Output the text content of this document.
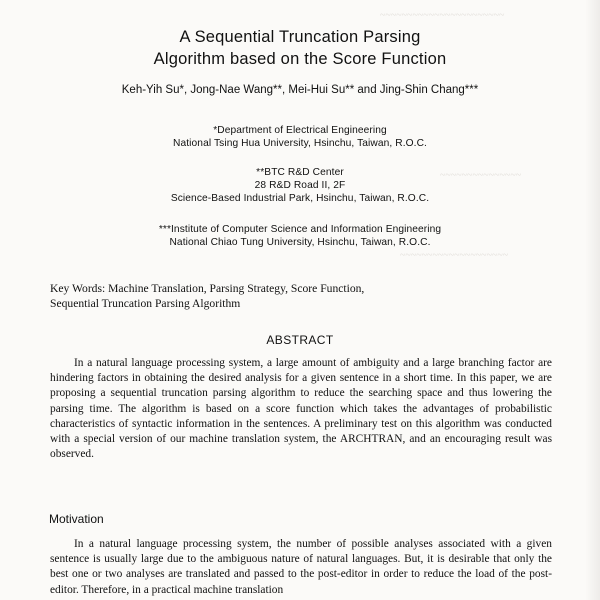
~~~~~~~~~~~~~~~~~~~~~~~
~~~~~~~~~~~~~~~
~~~~~~~~~~~~~~~~~~~~
A Sequential Truncation Parsing
Algorithm based on the Score Function
Keh-Yih Su*, Jong-Nae Wang**, Mei-Hui Su** and Jing-Shin Chang***
*Department of Electrical Engineering
National Tsing Hua University, Hsinchu, Taiwan, R.O.C.
**BTC R&D Center
28 R&D Road II, 2F
Science-Based Industrial Park, Hsinchu, Taiwan, R.O.C.
***Institute of Computer Science and Information Engineering
National Chiao Tung University, Hsinchu, Taiwan, R.O.C.
Key Words: Machine Translation, Parsing Strategy, Score Function,
Sequential Truncation Parsing Algorithm
ABSTRACT
In a natural language processing system, a large amount of ambiguity and a large branching factor are hindering factors in obtaining the desired analysis for a given sentence in a short time. In this paper, we are proposing a sequential truncation parsing algorithm to reduce the searching space and thus lowering the parsing time. The algorithm is based on a score function which takes the advantages of probabilistic characteristics of syntactic information in the sentences. A preliminary test on this algorithm was conducted with a special version of our machine translation system, the ARCHTRAN, and an encouraging result was observed.
Motivation
In a natural language processing system, the number of possible analyses associated with a given sentence is usually large due to the ambiguous nature of natural languages. But, it is desirable that only the best one or two analyses are translated and passed to the post-editor in order to reduce the load of the post-editor. Therefore, in a practical machine translation
